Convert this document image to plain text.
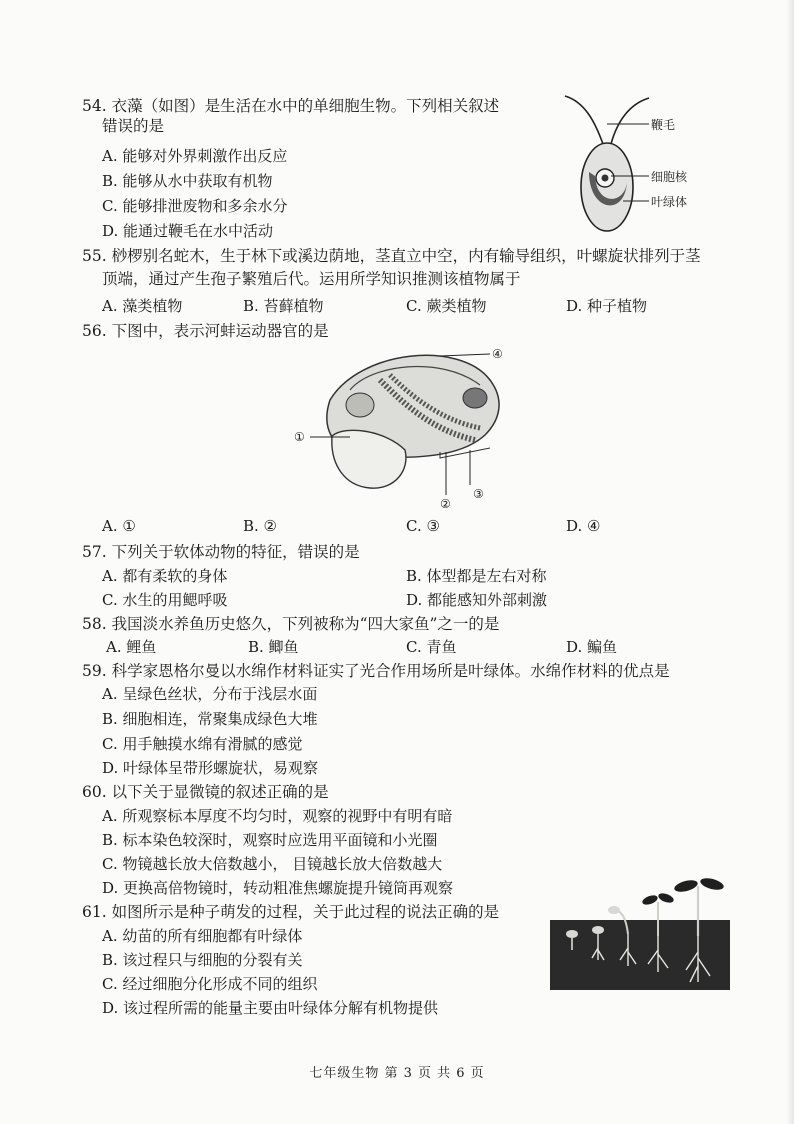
54. 衣藻（如图）是生活在水中的单细胞生物。下列相关叙述
错误的是
A. 能够对外界刺激作出反应
B. 能够从水中获取有机物
C. 能够排泄废物和多余水分
D. 能通过鞭毛在水中活动
鞭毛
细胞核
叶绿体
55. 桫椤别名蛇木，生于林下或溪边荫地，茎直立中空，内有输导组织，叶螺旋状排列于茎
顶端，通过产生孢子繁殖后代。运用所学知识推测该植物属于
A. 藻类植物	B. 苔藓植物	C. 蕨类植物	D. 种子植物
56. 下图中，表示河蚌运动器官的是
①
②
③
④
A. ①	B. ②	C. ③	D. ④
57. 下列关于软体动物的特征，错误的是
A. 都有柔软的身体	B. 体型都是左右对称
C. 水生的用鳃呼吸	D. 都能感知外部刺激
58. 我国淡水养鱼历史悠久，下列被称为“四大家鱼”之一的是
A. 鲤鱼	B. 鲫鱼	C. 青鱼	D. 鳊鱼
59. 科学家恩格尔曼以水绵作材料证实了光合作用场所是叶绿体。水绵作材料的优点是
A. 呈绿色丝状，分布于浅层水面
B. 细胞相连，常聚集成绿色大堆
C. 用手触摸水绵有滑腻的感觉
D. 叶绿体呈带形螺旋状，易观察
60. 以下关于显微镜的叙述正确的是
A. 所观察标本厚度不均匀时，观察的视野中有明有暗
B. 标本染色较深时，观察时应选用平面镜和小光圈
C. 物镜越长放大倍数越小， 目镜越长放大倍数越大
D. 更换高倍物镜时，转动粗准焦螺旋提升镜筒再观察
61. 如图所示是种子萌发的过程，关于此过程的说法正确的是
A. 幼苗的所有细胞都有叶绿体
B. 该过程只与细胞的分裂有关
C. 经过细胞分化形成不同的组织
D. 该过程所需的能量主要由叶绿体分解有机物提供
七年级生物 第 3 页 共 6 页
